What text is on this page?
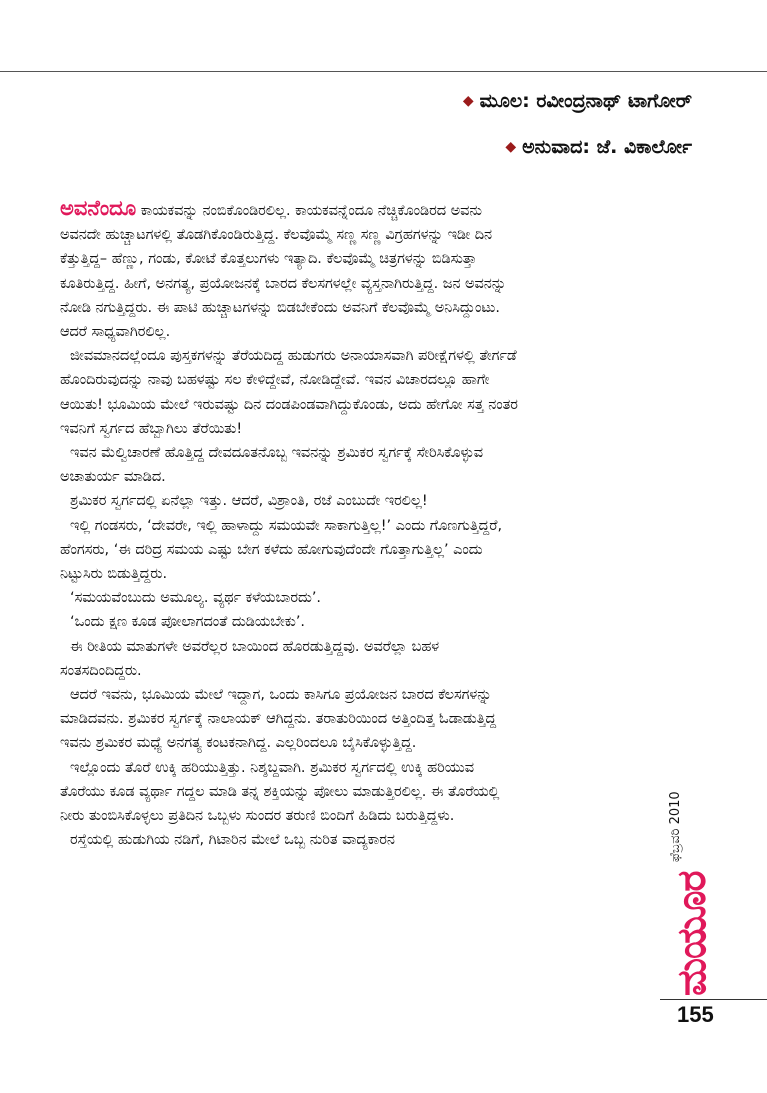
◆ ಮೂಲ: ರವೀಂದ್ರನಾಥ್ ಟಾಗೋರ್
◆ ಅನುವಾದ: ಜೆ. ವಿಕಾರ್ಲೋ

ಅವನೆಂದೂ ಕಾಯಕವನ್ನು ನಂಬಿಕೊಂಡಿರಲಿಲ್ಲ. ಕಾಯಕವನ್ನೆಂದೂ ನೆಚ್ಚಿಕೊಂಡಿರದ ಅವನು ಅವನದೇ ಹುಚ್ಚಾಟಗಳಲ್ಲಿ ತೊಡಗಿಕೊಂಡಿರುತ್ತಿದ್ದ. ಕೆಲವೊಮ್ಮೆ ಸಣ್ಣ ಸಣ್ಣ ವಿಗ್ರಹಗಳನ್ನು ಇಡೀ ದಿನ ಕೆತ್ತುತ್ತಿದ್ದ– ಹೆಣ್ಣು, ಗಂಡು, ಕೋಟೆ ಕೊತ್ತಲುಗಳು ಇತ್ಯಾದಿ. ಕೆಲವೊಮ್ಮೆ ಚಿತ್ರಗಳನ್ನು ಬಿಡಿಸುತ್ತಾ ಕೂತಿರುತ್ತಿದ್ದ. ಹೀಗೆ, ಅನಗತ್ಯ, ಪ್ರಯೋಜನಕ್ಕೆ ಬಾರದ ಕೆಲಸಗಳಲ್ಲೇ ವ್ಯಸ್ತನಾಗಿರುತ್ತಿದ್ದ. ಜನ ಅವನನ್ನು ನೋಡಿ ನಗುತ್ತಿದ್ದರು. ಈ ಪಾಟಿ ಹುಚ್ಚಾಟಗಳನ್ನು ಬಿಡಬೇಕೆಂದು ಅವನಿಗೆ ಕೆಲವೊಮ್ಮೆ ಅನಿಸಿದ್ದುಂಟು. ಆದರೆ ಸಾಧ್ಯವಾಗಿರಲಿಲ್ಲ.

ಜೀವಮಾನದಲ್ಲೆಂದೂ ಪುಸ್ತಕಗಳನ್ನು ತೆರೆಯದಿದ್ದ ಹುಡುಗರು ಅನಾಯಾಸವಾಗಿ ಪರೀಕ್ಷೆಗಳಲ್ಲಿ ತೇರ್ಗಡೆ ಹೊಂದಿರುವುದನ್ನು ನಾವು ಬಹಳಷ್ಟು ಸಲ ಕೇಳಿದ್ದೇವೆ, ನೋಡಿದ್ದೇವೆ. ಇವನ ವಿಚಾರದಲ್ಲೂ ಹಾಗೇ ಆಯಿತು! ಭೂಮಿಯ ಮೇಲೆ ಇರುವಷ್ಟು ದಿನ ದಂಡಪಿಂಡವಾಗಿದ್ದುಕೊಂಡು, ಅದು ಹೇಗೋ ಸತ್ತ ನಂತರ ಇವನಿಗೆ ಸ್ವರ್ಗದ ಹೆಬ್ಬಾಗಿಲು ತೆರೆಯಿತು!

ಇವನ ಮೆಲ್ವಿಚಾರಣೆ ಹೊತ್ತಿದ್ದ ದೇವದೂತನೊಬ್ಬ ಇವನನ್ನು ಶ್ರಮಿಕರ ಸ್ವರ್ಗಕ್ಕೆ ಸೇರಿಸಿಕೊಳ್ಳುವ ಅಚಾತುರ್ಯ ಮಾಡಿದ.

ಶ್ರಮಿಕರ ಸ್ವರ್ಗದಲ್ಲಿ ಏನೆಲ್ಲಾ ಇತ್ತು. ಆದರೆ, ವಿಶ್ರಾಂತಿ, ರಜೆ ಎಂಬುದೇ ಇರಲಿಲ್ಲ!

ಇಲ್ಲಿ ಗಂಡಸರು, ‘ದೇವರೇ, ಇಲ್ಲಿ ಹಾಳಾದ್ದು ಸಮಯವೇ ಸಾಕಾಗುತ್ತಿಲ್ಲ!’ ಎಂದು ಗೊಣಗುತ್ತಿದ್ದರೆ, ಹೆಂಗಸರು, ‘ಈ ದರಿದ್ರ ಸಮಯ ಎಷ್ಟು ಬೇಗ ಕಳೆದು ಹೋಗುವುದೆಂದೇ ಗೊತ್ತಾಗುತ್ತಿಲ್ಲ’ ಎಂದು ನಿಟ್ಟುಸಿರು ಬಿಡುತ್ತಿದ್ದರು.

‘ಸಮಯವೆಂಬುದು ಅಮೂಲ್ಯ. ವ್ಯರ್ಥ ಕಳೆಯಬಾರದು’.

‘ಒಂದು ಕ್ಷಣ ಕೂಡ ಪೋಲಾಗದಂತೆ ದುಡಿಯಬೇಕು’.

ಈ ರೀತಿಯ ಮಾತುಗಳೇ ಅವರೆಲ್ಲರ ಬಾಯಿಂದ ಹೊರಡುತ್ತಿದ್ದವು. ಅವರೆಲ್ಲಾ ಬಹಳ ಸಂತಸದಿಂದಿದ್ದರು.

ಆದರೆ ಇವನು, ಭೂಮಿಯ ಮೇಲೆ ಇದ್ದಾಗ, ಒಂದು ಕಾಸಿಗೂ ಪ್ರಯೋಜನ ಬಾರದ ಕೆಲಸಗಳನ್ನು ಮಾಡಿದವನು. ಶ್ರಮಿಕರ ಸ್ವರ್ಗಕ್ಕೆ ನಾಲಾಯಕ್ ಆಗಿದ್ದನು. ತರಾತುರಿಯಿಂದ ಅತ್ತಿಂದಿತ್ತ ಓಡಾಡುತ್ತಿದ್ದ ಇವನು ಶ್ರಮಿಕರ ಮಧ್ಯೆ ಅನಗತ್ಯ ಕಂಟಕನಾಗಿದ್ದ. ಎಲ್ಲರಿಂದಲೂ ಬೈಸಿಕೊಳ್ಳುತ್ತಿದ್ದ.

ಇಲ್ಲೊಂದು ತೊರೆ ಉಕ್ಕಿ ಹರಿಯುತ್ತಿತ್ತು. ನಿಶ್ಶಬ್ದವಾಗಿ. ಶ್ರಮಿಕರ ಸ್ವರ್ಗದಲ್ಲಿ ಉಕ್ಕಿ ಹರಿಯುವ ತೊರೆಯು ಕೂಡ ವ್ಯರ್ಥಾ ಗದ್ದಲ ಮಾಡಿ ತನ್ನ ಶಕ್ತಿಯನ್ನು ಪೋಲು ಮಾಡುತ್ತಿರಲಿಲ್ಲ. ಈ ತೊರೆಯಲ್ಲಿ ನೀರು ತುಂಬಿಸಿಕೊಳ್ಳಲು ಪ್ರತಿದಿನ ಒಬ್ಬಳು ಸುಂದರ ತರುಣಿ ಬಿಂದಿಗೆ ಹಿಡಿದು ಬರುತ್ತಿದ್ದಳು.

ರಸ್ತೆಯಲ್ಲಿ ಹುಡುಗಿಯ ನಡಿಗೆ, ಗಿಟಾರಿನ ಮೇಲೆ ಒಬ್ಬ ನುರಿತ ವಾದ್ಯಕಾರನ	ಫೆಬ್ರವರಿ 2010
ಮಯೂರ
155
